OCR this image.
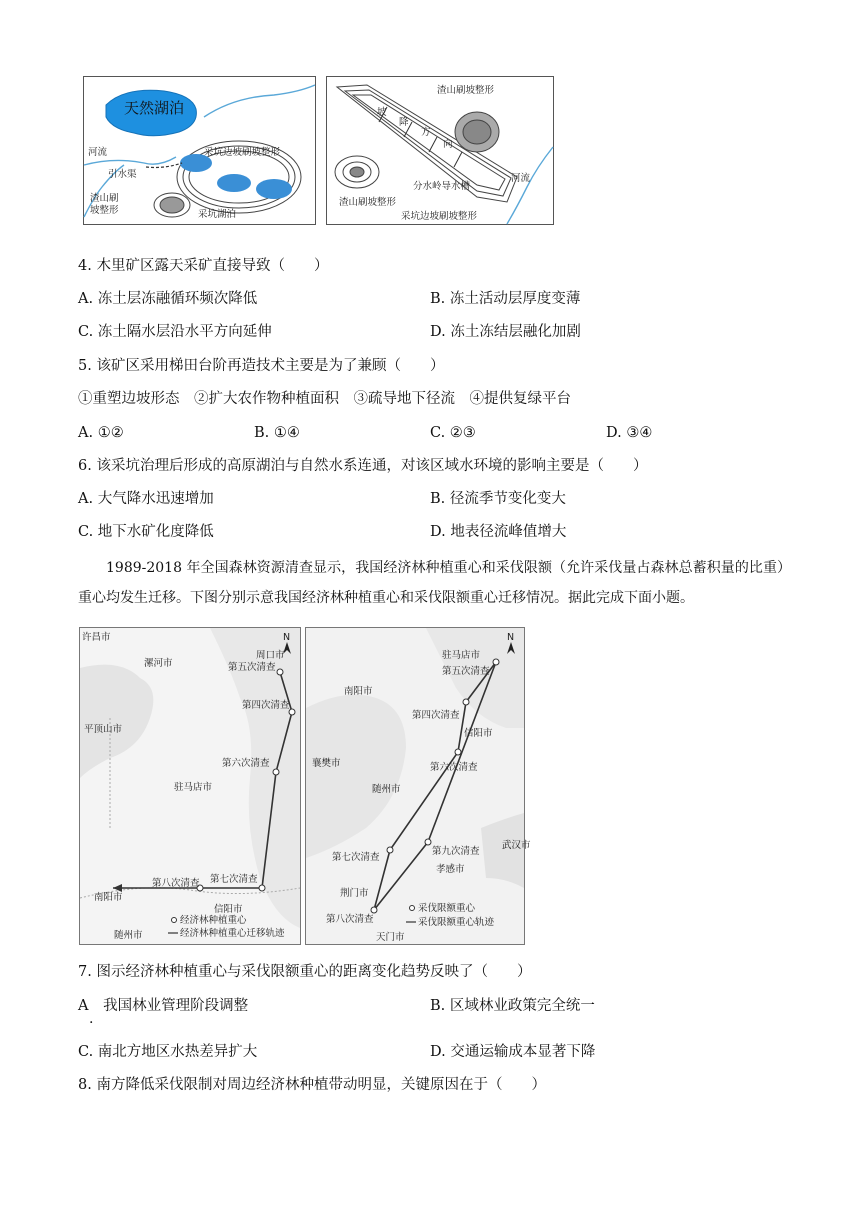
天然湖泊
河流
引水渠
采坑边坡刷坡整形
采坑湖泊
渣山刷
坡整形
坡
降
方
向
渣山刷坡整形
河流
分水岭导水槽
渣山刷坡整形
采坑边坡刷坡整形
4. 木里矿区露天采矿直接导致（　　）
A. 冻土层冻融循环频次降低	B. 冻土活动层厚度变薄
C. 冻土隔水层沿水平方向延伸	D. 冻土冻结层融化加剧
5. 该矿区采用梯田台阶再造技术主要是为了兼顾（　　）
①重塑边坡形态　②扩大农作物种植面积　③疏导地下径流　④提供复绿平台
A. ①②	B. ①④	C. ②③	D. ③④
6. 该采坑治理后形成的高原湖泊与自然水系连通，对该区域水环境的影响主要是（　　）
A. 大气降水迅速增加	B. 径流季节变化变大
C. 地下水矿化度降低	D. 地表径流峰值增大
1989-2018 年全国森林资源清查显示，我国经济林种植重心和采伐限额（允许采伐量占森林总蓄积量的比重）重心均发生迁移。下图分别示意我国经济林种植重心和采伐限额重心迁移情况。据此完成下面小题。
N
许昌市
漯河市
周口市
平顶山市
驻马店市
南阳市
信阳市
随州市
第五次清查
第四次清查
第六次清查
第七次清查
第八次清查
经济林种植重心
经济林种植重心迁移轨迹
N
驻马店市
南阳市
信阳市
襄樊市
随州市
孝感市
荆门市
武汉市
天门市
第五次清查
第四次清查
第六次清查
第七次清查
第九次清查
第八次清查
采伐限额重心
采伐限额重心轨迹
7. 图示经济林种植重心与采伐限额重心的距离变化趋势反映了（　　）
A 我国林业管理阶段调整
.
B. 区域林业政策完全统一
C. 南北方地区水热差异扩大	D. 交通运输成本显著下降
8. 南方降低采伐限制对周边经济林种植带动明显，关键原因在于（　　）
